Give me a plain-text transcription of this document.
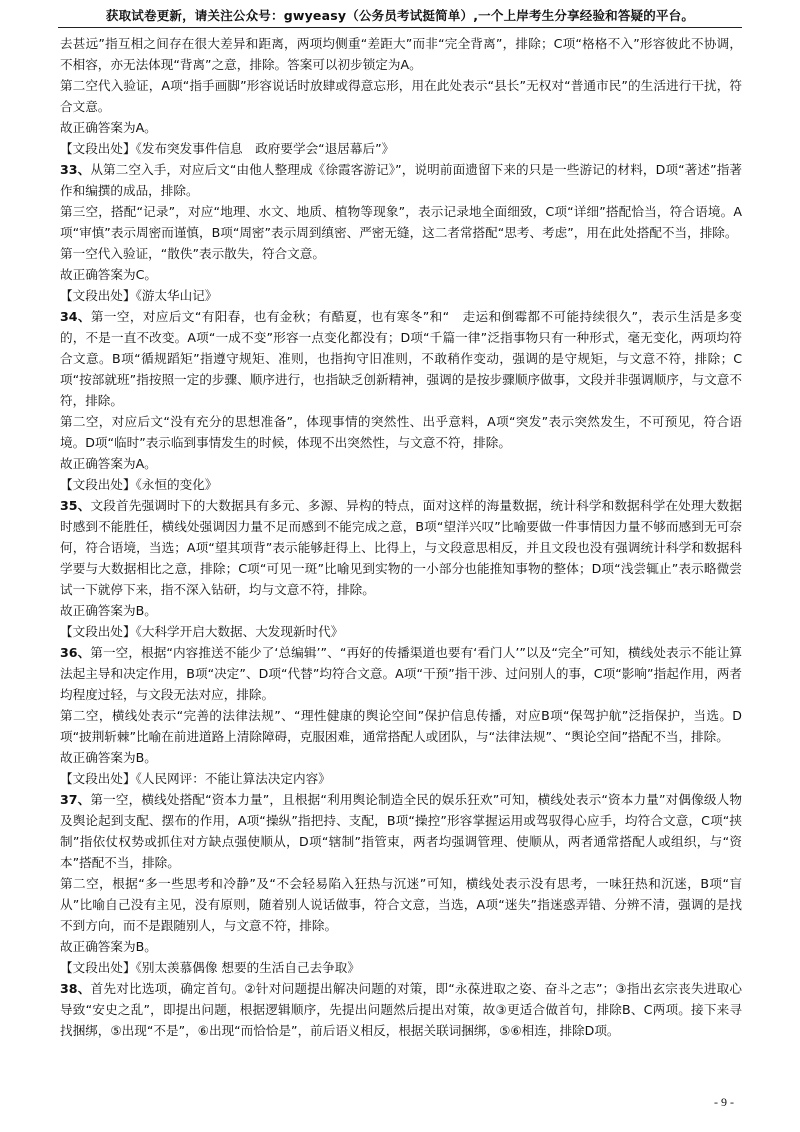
获取试卷更新，请关注公众号：gwyeasy（公务员考试挺简单）,一个上岸考生分享经验和答疑的平台。

去甚远”指互相之间存在很大差异和距离，两项均侧重“差距大”而非“完全背离”，排除；C项“格格不入”形容彼此不协调，不相容，亦无法体现“背离”之意，排除。答案可以初步锁定为A。

第二空代入验证，A项“指手画脚”形容说话时放肆或得意忘形，用在此处表示“县长”无权对“普通市民”的生活进行干扰，符合文意。

故正确答案为A。

【文段出处】《发布突发事件信息　政府要学会“退居幕后”》

33、从第二空入手，对应后文“由他人整理成《徐霞客游记》”，说明前面遗留下来的只是一些游记的材料，D项“著述”指著作和编撰的成品，排除。

第三空，搭配“记录”，对应“地理、水文、地质、植物等现象”，表示记录地全面细致，C项“详细”搭配恰当，符合语境。A项“审慎”表示周密而谨慎，B项“周密”表示周到缜密、严密无缝，这二者常搭配“思考、考虑”，用在此处搭配不当，排除。

第一空代入验证，“散佚”表示散失，符合文意。

故正确答案为C。

【文段出处】《游太华山记》

34、第一空，对应后文“有阳春，也有金秋；有酷夏，也有寒冬”和“　走运和倒霉都不可能持续很久”，表示生活是多变的，不是一直不改变。A项“一成不变”形容一点变化都没有；D项“千篇一律”泛指事物只有一种形式，毫无变化，两项均符合文意。B项“循规蹈矩”指遵守规矩、准则，也指拘守旧准则，不敢稍作变动，强调的是守规矩，与文意不符，排除；C项“按部就班”指按照一定的步骤、顺序进行，也指缺乏创新精神，强调的是按步骤顺序做事，文段并非强调顺序，与文意不符，排除。

第二空，对应后文“没有充分的思想准备”，体现事情的突然性、出乎意料，A项“突发”表示突然发生，不可预见，符合语境。D项“临时”表示临到事情发生的时候，体现不出突然性，与文意不符，排除。

故正确答案为A。

【文段出处】《永恒的变化》

35、文段首先强调时下的大数据具有多元、多源、异构的特点，面对这样的海量数据，统计科学和数据科学在处理大数据时感到不能胜任，横线处强调因力量不足而感到不能完成之意，B项“望洋兴叹”比喻要做一件事情因力量不够而感到无可奈何，符合语境，当选；A项“望其项背”表示能够赶得上、比得上，与文段意思相反，并且文段也没有强调统计科学和数据科学要与大数据相比之意，排除；C项“可见一斑”比喻见到实物的一小部分也能推知事物的整体；D项“浅尝辄止”表示略微尝试一下就停下来，指不深入钻研，均与文意不符，排除。

故正确答案为B。

【文段出处】《大科学开启大数据、大发现新时代》

36、第一空，根据“内容推送不能少了‘总编辑’”、“再好的传播渠道也要有‘看门人’”以及“完全”可知，横线处表示不能让算法起主导和决定作用，B项“决定”、D项“代替”均符合文意。A项“干预”指干涉、过问别人的事，C项“影响”指起作用，两者均程度过轻，与文段无法对应，排除。

第二空，横线处表示“完善的法律法规”、“理性健康的舆论空间”保护信息传播，对应B项“保驾护航”泛指保护，当选。D项“披荆斩棘”比喻在前进道路上清除障碍，克服困难，通常搭配人或团队，与“法律法规”、“舆论空间”搭配不当，排除。

故正确答案为B。

【文段出处】《人民网评：不能让算法决定内容》

37、第一空，横线处搭配“资本力量”，且根据“利用舆论制造全民的娱乐狂欢”可知，横线处表示“资本力量”对偶像级人物及舆论起到支配、摆布的作用，A项“操纵”指把持、支配，B项“操控”形容掌握运用或驾驭得心应手，均符合文意，C项“挟制”指依仗权势或抓住对方缺点强使顺从，D项“辖制”指管束，两者均强调管理、使顺从，两者通常搭配人或组织，与“资本”搭配不当，排除。

第二空，根据“多一些思考和冷静”及“不会轻易陷入狂热与沉迷”可知，横线处表示没有思考，一味狂热和沉迷，B项“盲从”比喻自己没有主见，没有原则，随着别人说话做事，符合文意，当选，A项“迷失”指迷惑弄错、分辨不清，强调的是找不到方向，而不是跟随别人，与文意不符，排除。

故正确答案为B。

【文段出处】《别太羡慕偶像 想要的生活自己去争取》

38、首先对比选项，确定首句。②针对问题提出解决问题的对策，即“永葆进取之姿、奋斗之志”；③指出玄宗丧失进取心导致“安史之乱”，即提出问题，根据逻辑顺序，先提出问题然后提出对策，故③更适合做首句，排除B、C两项。接下来寻找捆绑，⑤出现“不是”，⑥出现“而恰恰是”，前后语义相反，根据关联词捆绑，⑤⑥相连，排除D项。

- 9 -
